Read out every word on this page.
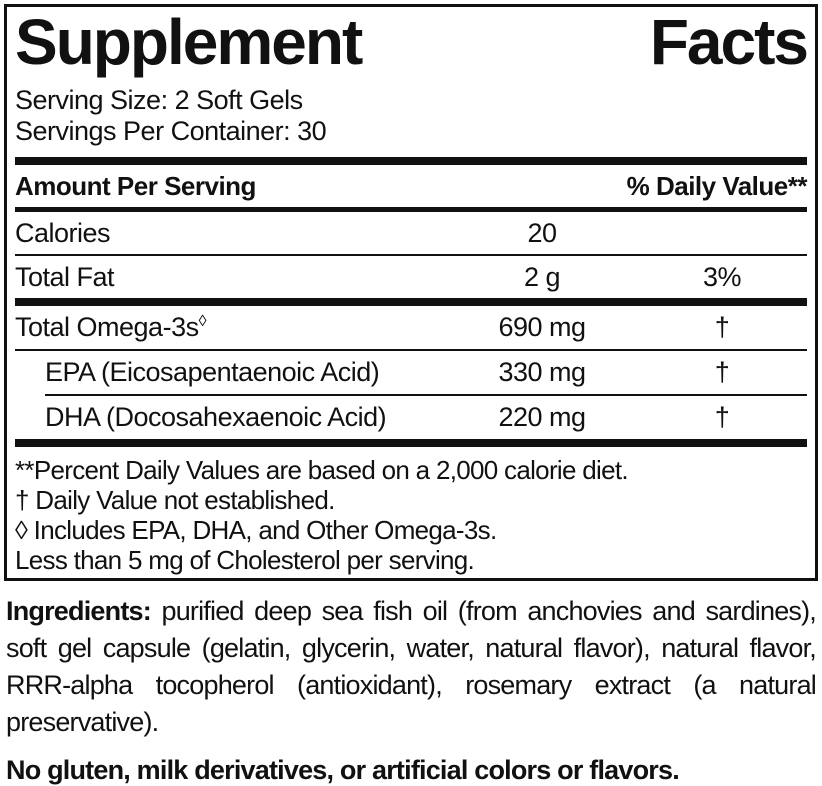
Supplement	Facts
Serving Size: 2 Soft Gels
Servings Per Container: 30
Amount Per Serving	% Daily Value**
Calories	20
Total Fat	2 g	3%
Total Omega-3s◊	690 mg	†
EPA (Eicosapentaenoic Acid)	330 mg	†
DHA (Docosahexaenoic Acid)	220 mg	†
**Percent Daily Values are based on a 2,000 calorie diet.
† Daily Value not established.
◊ Includes EPA, DHA, and Other Omega-3s.
Less than 5 mg of Cholesterol per serving.

Ingredients: purified deep sea fish oil (from anchovies and sardines), soft gel capsule (gelatin, glycerin, water, natural flavor), natural flavor, RRR-alpha tocopherol (antioxidant), rosemary extract (a natural preservative).

No gluten, milk derivatives, or artificial colors or flavors.
